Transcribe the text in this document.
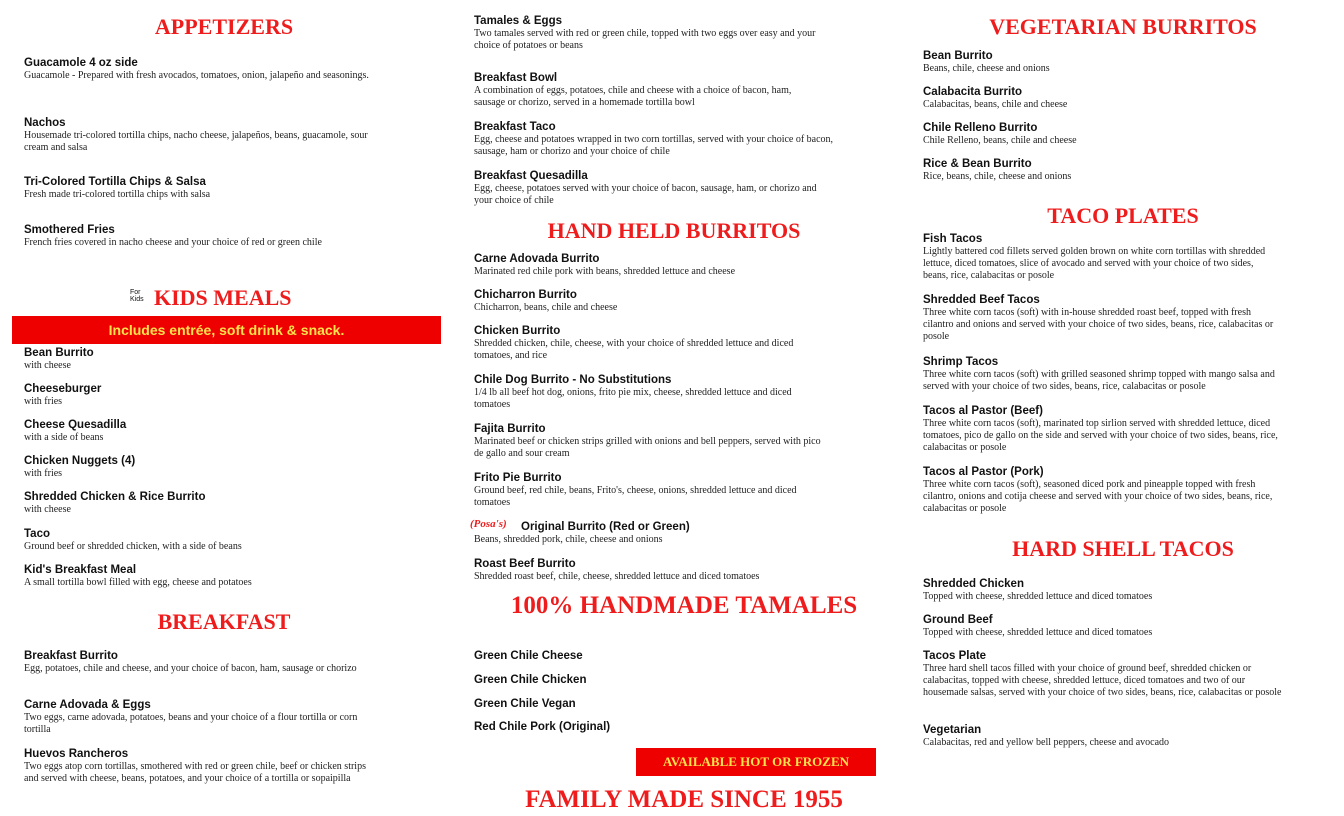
APPETIZERS
Guacamole 4 oz side
Guacamole - Prepared with fresh avocados, tomatoes, onion, jalapeño and seasonings.
Nachos
Housemade tri-colored tortilla chips, nacho cheese, jalapeños, beans, guacamole, sour cream and salsa
Tri-Colored Tortilla Chips & Salsa
Fresh made tri-colored tortilla chips with salsa
Smothered Fries
French fries covered in nacho cheese and your choice of red or green chile
For
Kids KIDS MEALS
Includes entrée, soft drink & snack.
Bean Burrito
with cheese
Cheeseburger
with fries
Cheese Quesadilla
with a side of beans
Chicken Nuggets (4)
with fries
Shredded Chicken & Rice Burrito
with cheese
Taco
Ground beef or shredded chicken, with a side of beans
Kid's Breakfast Meal
A small tortilla bowl filled with egg, cheese and potatoes
BREAKFAST
Breakfast Burrito
Egg, potatoes, chile and cheese, and your choice of bacon, ham, sausage or chorizo
Carne Adovada & Eggs
Two eggs, carne adovada, potatoes, beans and your choice of a flour tortilla or corn tortilla
Huevos Rancheros
Two eggs atop corn tortillas, smothered with red or green chile, beef or chicken strips and served with cheese, beans, potatoes, and your choice of a tortilla or sopaipilla
Tamales & Eggs
Two tamales served with red or green chile, topped with two eggs over easy and your choice of potatoes or beans
Breakfast Bowl
A combination of eggs, potatoes, chile and cheese with a choice of bacon, ham, sausage or chorizo, served in a homemade tortilla bowl
Breakfast Taco
Egg, cheese and potatoes wrapped in two corn tortillas, served with your choice of bacon, sausage, ham or chorizo and your choice of chile
Breakfast Quesadilla
Egg, cheese, potatoes served with your choice of bacon, sausage, ham, or chorizo and your choice of chile
HAND HELD BURRITOS
Carne Adovada Burrito
Marinated red chile pork with beans, shredded lettuce and cheese
Chicharron Burrito
Chicharron, beans, chile and cheese
Chicken Burrito
Shredded chicken, chile, cheese, with your choice of shredded lettuce and diced tomatoes, and rice
Chile Dog Burrito - No Substitutions
1/4 lb all beef hot dog, onions, frito pie mix, cheese, shredded lettuce and diced tomatoes
Fajita Burrito
Marinated beef or chicken strips grilled with onions and bell peppers, served with pico de gallo and sour cream
Frito Pie Burrito
Ground beef, red chile, beans, Frito's, cheese, onions, shredded lettuce and diced tomatoes
(Posa's)	Original Burrito (Red or Green)
Beans, shredded pork, chile, cheese and onions
Roast Beef Burrito
Shredded roast beef, chile, cheese, shredded lettuce and diced tomatoes
100% HANDMADE TAMALES
Green Chile Cheese
Green Chile Chicken
Green Chile Vegan
Red Chile Pork (Original)
AVAILABLE HOT OR FROZEN
FAMILY MADE SINCE 1955
VEGETARIAN BURRITOS
Bean Burrito
Beans, chile, cheese and onions
Calabacita Burrito
Calabacitas, beans, chile and cheese
Chile Relleno Burrito
Chile Relleno, beans, chile and cheese
Rice & Bean Burrito
Rice, beans, chile, cheese and onions
TACO PLATES
Fish Tacos
Lightly battered cod fillets served golden brown on white corn tortillas with shredded lettuce, diced tomatoes, slice of avocado and served with your choice of two sides, beans, rice, calabacitas or posole
Shredded Beef Tacos
Three white corn tacos (soft) with in-house shredded roast beef, topped with fresh cilantro and onions and served with your choice of two sides, beans, rice, calabacitas or posole
Shrimp Tacos
Three white corn tacos (soft) with grilled seasoned shrimp topped with mango salsa and served with your choice of two sides, beans, rice, calabacitas or posole
Tacos al Pastor (Beef)
Three white corn tacos (soft), marinated top sirlion served with shredded lettuce, diced tomatoes, pico de gallo on the side and served with your choice of two sides, beans, rice, calabacitas or posole
Tacos al Pastor (Pork)
Three white corn tacos (soft), seasoned diced pork and pineapple topped with fresh cilantro, onions and cotija cheese and served with your choice of two sides, beans, rice, calabacitas or posole
HARD SHELL TACOS
Shredded Chicken
Topped with cheese, shredded lettuce and diced tomatoes
Ground Beef
Topped with cheese, shredded lettuce and diced tomatoes
Tacos Plate
Three hard shell tacos filled with your choice of ground beef, shredded chicken or calabacitas, topped with cheese, shredded lettuce, diced tomatoes and two of our housemade salsas, served with your choice of two sides, beans, rice, calabacitas or posole
Vegetarian
Calabacitas, red and yellow bell peppers, cheese and avocado
